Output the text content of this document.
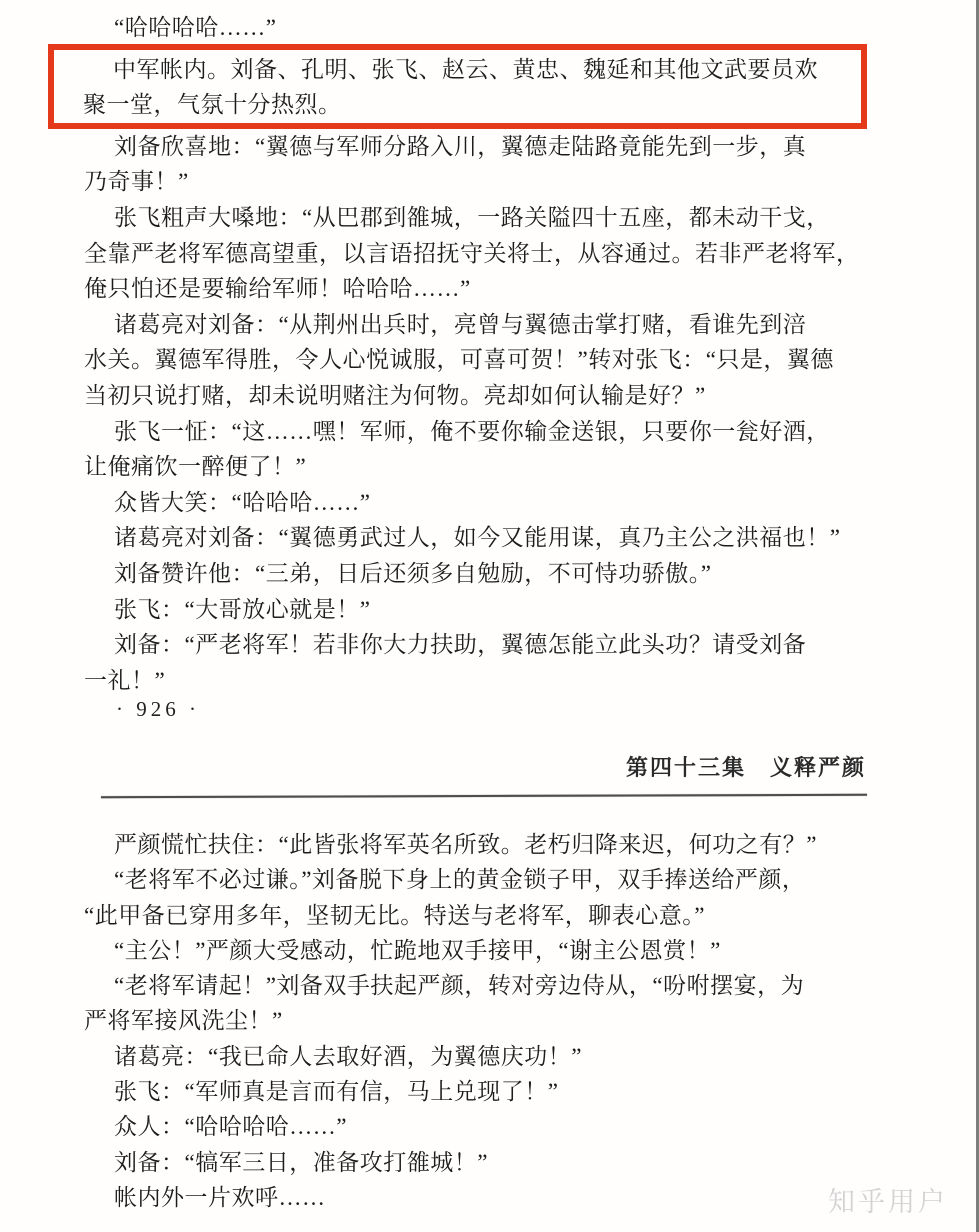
“哈哈哈哈……”
中军帐内。刘备、孔明、张飞、赵云、黄忠、魏延和其他文武要员欢
聚一堂，气氛十分热烈。
刘备欣喜地：“翼德与军师分路入川，翼德走陆路竟能先到一步，真
乃奇事！”
张飞粗声大嗓地：“从巴郡到雒城，一路关隘四十五座，都未动干戈，
全靠严老将军德高望重，以言语招抚守关将士，从容通过。若非严老将军，
俺只怕还是要输给军师！哈哈哈……”
诸葛亮对刘备：“从荆州出兵时，亮曾与翼德击掌打赌，看谁先到涪
水关。翼德军得胜，令人心悦诚服，可喜可贺！”转对张飞：“只是，翼德
当初只说打赌，却未说明赌注为何物。亮却如何认输是好？”
张飞一怔：“这……嘿！军师，俺不要你输金送银，只要你一瓮好酒，
让俺痛饮一醉便了！”
众皆大笑：“哈哈哈……”
诸葛亮对刘备：“翼德勇武过人，如今又能用谋，真乃主公之洪福也！”
刘备赞许他：“三弟，日后还须多自勉励，不可恃功骄傲。”
张飞：“大哥放心就是！”
刘备：“严老将军！若非你大力扶助，翼德怎能立此头功？请受刘备
一礼！”
· 926 ·
第四十三集　义释严颜
严颜慌忙扶住：“此皆张将军英名所致。老朽归降来迟，何功之有？”
“老将军不必过谦。”刘备脱下身上的黄金锁子甲，双手捧送给严颜，
“此甲备已穿用多年，坚韧无比。特送与老将军，聊表心意。”
“主公！”严颜大受感动，忙跪地双手接甲，“谢主公恩赏！”
“老将军请起！”刘备双手扶起严颜，转对旁边侍从，“吩咐摆宴，为
严将军接风洗尘！”
诸葛亮：“我已命人去取好酒，为翼德庆功！”
张飞：“军师真是言而有信，马上兑现了！”
众人：“哈哈哈哈……”
刘备：“犒军三日，准备攻打雒城！”
帐内外一片欢呼……	知乎用户
